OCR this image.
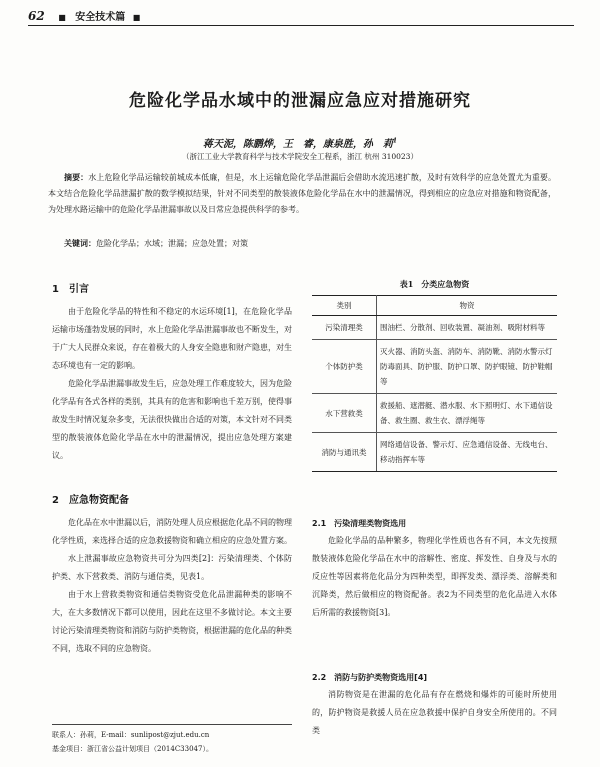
62 ■ 安全技术篇 ■
危险化学品水域中的泄漏应急应对措施研究
蒋天泥，陈鹏烨，王　睿，康泉胜，孙　莉$^1$
（浙江工业大学教育科学与技术学院安全工程系，浙江 杭州 310023）
摘要：水上危险化学品运输较前城成本低廉，但是，水上运输危险化学品泄漏后会借助水流迅速扩散，及时有效科学的应急处置尤为重要。本文结合危险化学品泄漏扩散的数学模拟结果，针对不同类型的散装液体危险化学品在水中的泄漏情况，得到相应的应急应对措施和物资配备，为处理水路运输中的危险化学品泄漏事故以及日常应急提供科学的参考。
关键词：危险化学品；水域；泄漏；应急处置；对策
1　引言

由于危险化学品的特性和不稳定的水运环境[1]，在危险化学品运输市场蓬勃发展的同时，水上危险化学品泄漏事故也不断发生，对于广大人民群众来说，存在着极大的人身安全隐患和财产隐患，对生态环境也有一定的影响。

危险化学品泄漏事故发生后，应急处理工作难度较大，因为危险化学品有各式各样的类别，其具有的危害和影响也千差万别，使得事故发生时情况复杂多变，无法很快做出合适的对策，本文针对不同类型的散装液体危险化学品在水中的泄漏情况，提出应急处理方案建议。

2　应急物资配备

危化品在水中泄漏以后，消防处理人员应根据危化品不同的物理化学性质，来选择合适的应急救援物资和确立相应的应急处置方案。

水上泄漏事故应急物资共可分为四类[2]：污染清理类、个体防护类、水下营救类、消防与通信类，见表1。

由于水上营救类物资和通信类物资受危化品泄漏种类的影响不大，在大多数情况下都可以使用，因此在这里不多做讨论。本文主要讨论污染清理类物资和消防与防护类物资，根据泄漏的危化品的种类不同，选取不同的应急物资。

联系人：孙莉，E-mail：sunlipost@zjut.edu.cn
基金项目：浙江省公益计划项目（2014C33047）。
表1　分类应急物资
类别	物资
污染清理类	围油栏、分散剂、回收装置、凝油剂、吸附材料等
个体防护类	灭火器、消防头盔、消防车、消防靴、消防水警示灯防毒面具、防护服、防护口罩、防护眼镜、防护鞋帽等
水下营救类	救援船、遮潜艇、潜水服、水下照明灯、水下通信设备、救生圈、救生衣、漂浮绳等
消防与通讯类	网络通信设备、警示灯、应急通信设备、无线电台、移动指挥车等
2.1　污染清理类物资选用

危险化学品的品种繁多，物理化学性质也各有不同，本文先按照散装液体危险化学品在水中的溶解性、密度、挥发性、自身及与水的反应性等因素将危化品分为四种类型，即挥发类、漂浮类、溶解类和沉降类，然后做相应的物资配备。表2为不同类型的危化品进入水体后所需的救援物资[3]。

2.2　消防与防护类物资选用[4]

消防物资是在泄漏的危化品有存在燃烧和爆炸的可能时所使用的，防护物资是救援人员在应急救援中保护自身安全所使用的。不同类
